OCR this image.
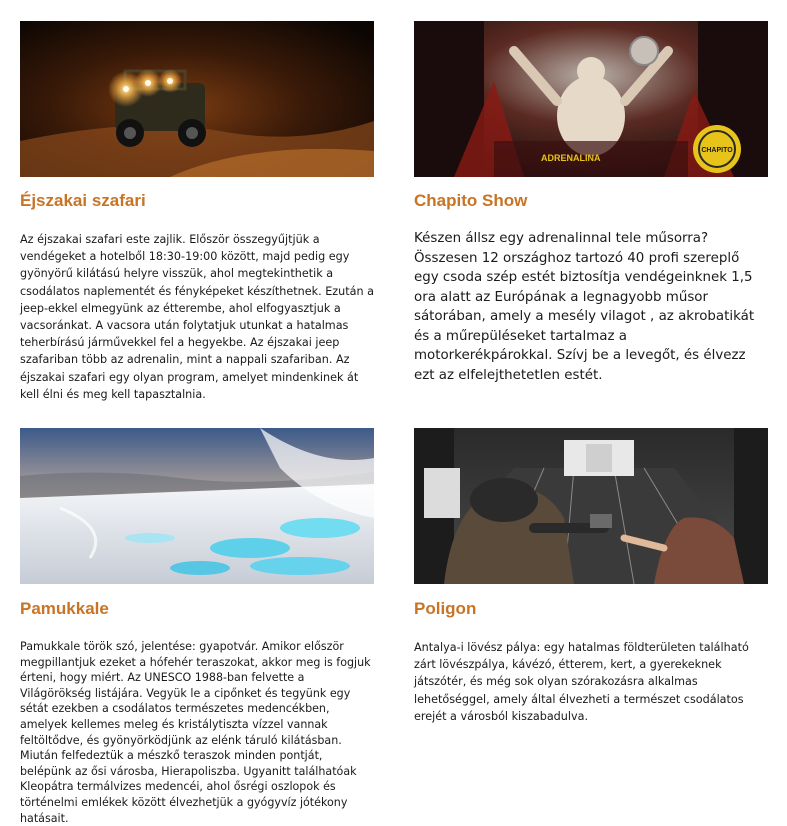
Éjszakai szafari

Az éjszakai szafari este zajlik. Először összegyűjtjük a vendégeket a hotelből 18:30-19:00 között, majd pedig egy gyönyörű kilátású helyre visszük, ahol megtekinthetik a csodálatos naplementét és fényképeket készíthetnek. Ezután a jeep-ekkel elmegyünk az étterembe, ahol elfogyasztjuk a vacsoránkat. A vacsora után folytatjuk utunkat a hatalmas teherbírású járművekkel fel a hegyekbe. Az éjszakai jeep szafariban több az adrenalin, mint a nappali szafariban. Az éjszakai szafari egy olyan program, amelyet mindenkinek át kell élni és meg kell tapasztalnia.

ADRENALINA
CHAPITO
Chapito Show

Készen állsz egy adrenalinnal tele műsorra? Összesen 12 országhoz tartozó 40 profi szereplő egy csoda szép estét biztosítja vendégeinknek 1,5 ora alatt az Európának a legnagyobb műsor sátorában, amely a mesély vilagot , az akrobatikát és a műrepüléseket tartalmaz a motorkerékpárokkal. Szívj be a levegőt, és élvezz ezt az elfelejthetetlen estét.

Pamukkale

Pamukkale török szó, jelentése: gyapotvár. Amikor először megpillantjuk ezeket a hófehér teraszokat, akkor meg is fogjuk érteni, hogy miért. Az UNESCO 1988-ban felvette a Világörökség listájára. Vegyük le a cipőnket és tegyünk egy sétát ezekben a csodálatos természetes medencékben, amelyek kellemes meleg és kristálytiszta vízzel vannak feltöltődve, és gyönyörködjünk az elénk táruló kilátásban. Miután felfedeztük a mészkő teraszok minden pontját, belépünk az ősi városba, Hierapoliszba. Ugyanitt találhatóak Kleopátra termálvizes medencéi, ahol ősrégi oszlopok és történelmi emlékek között élvezhetjük a gyógyvíz jótékony hatásait.

Poligon

Antalya-i lövész pálya: egy hatalmas földterületen található zárt lövészpálya, kávézó, étterem, kert, a gyerekeknek játszótér, és még sok olyan szórakozásra alkalmas lehetőséggel, amely által élvezheti a természet csodálatos erejét a városból kiszabadulva.
